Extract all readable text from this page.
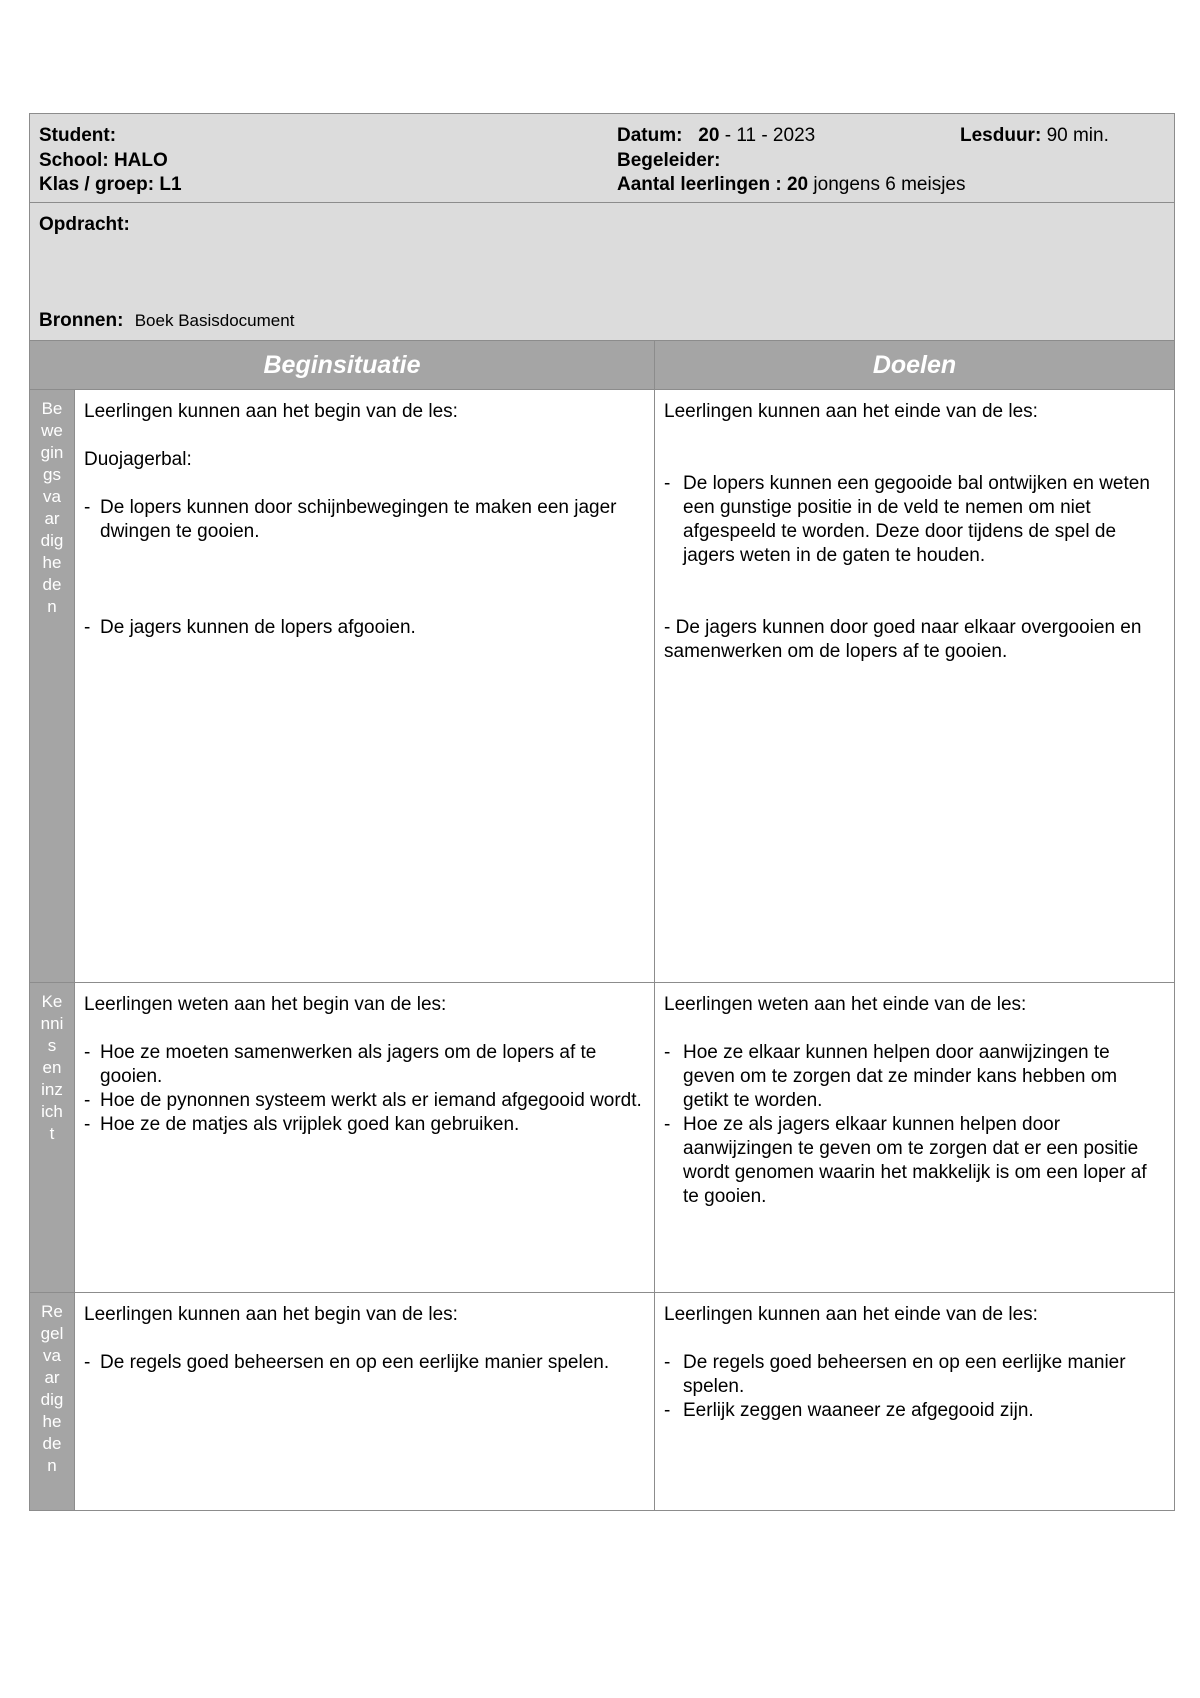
Student:
School: HALO
Klas / groep: L1
Datum: 20 - 11 - 2023
Begeleider:
Aantal leerlingen : 20 jongens 6 meisjes
Lesduur: 90 min.
Opdracht:
Bronnen: Boek Basisdocument
Beginsituatie	Doelen
Be
we
gin
gs
va
ar
dig
he
de
n

Leerlingen kunnen aan het begin van de les:

Duojagerbal:

- De lopers kunnen door schijnbewegingen te maken een jager dwingen te gooien.
- De jagers kunnen de lopers afgooien.

Leerlingen kunnen aan het einde van de les:

- De lopers kunnen een gegooide bal ontwijken en weten een gunstige positie in de veld te nemen om niet afgespeeld te worden. Deze door tijdens de spel de jagers weten in de gaten te houden.

- De jagers kunnen door goed naar elkaar overgooien en samenwerken om de lopers af te gooien.

Ke
nni
s
en
inz
ich
t

Leerlingen weten aan het begin van de les:

- Hoe ze moeten samenwerken als jagers om de lopers af te gooien.
- Hoe de pynonnen systeem werkt als er iemand afgegooid wordt.
- Hoe ze de matjes als vrijplek goed kan gebruiken.

Leerlingen weten aan het einde van de les:

- Hoe ze elkaar kunnen helpen door aanwijzingen te geven om te zorgen dat ze minder kans hebben om getikt te worden.
- Hoe ze als jagers elkaar kunnen helpen door aanwijzingen te geven om te zorgen dat er een positie wordt genomen waarin het makkelijk is om een loper af te gooien.
Re
gel
va
ar
dig
he
de
n

Leerlingen kunnen aan het begin van de les:

- De regels goed beheersen en op een eerlijke manier spelen.

Leerlingen kunnen aan het einde van de les:

- De regels goed beheersen en op een eerlijke manier spelen.
- Eerlijk zeggen waaneer ze afgegooid zijn.
